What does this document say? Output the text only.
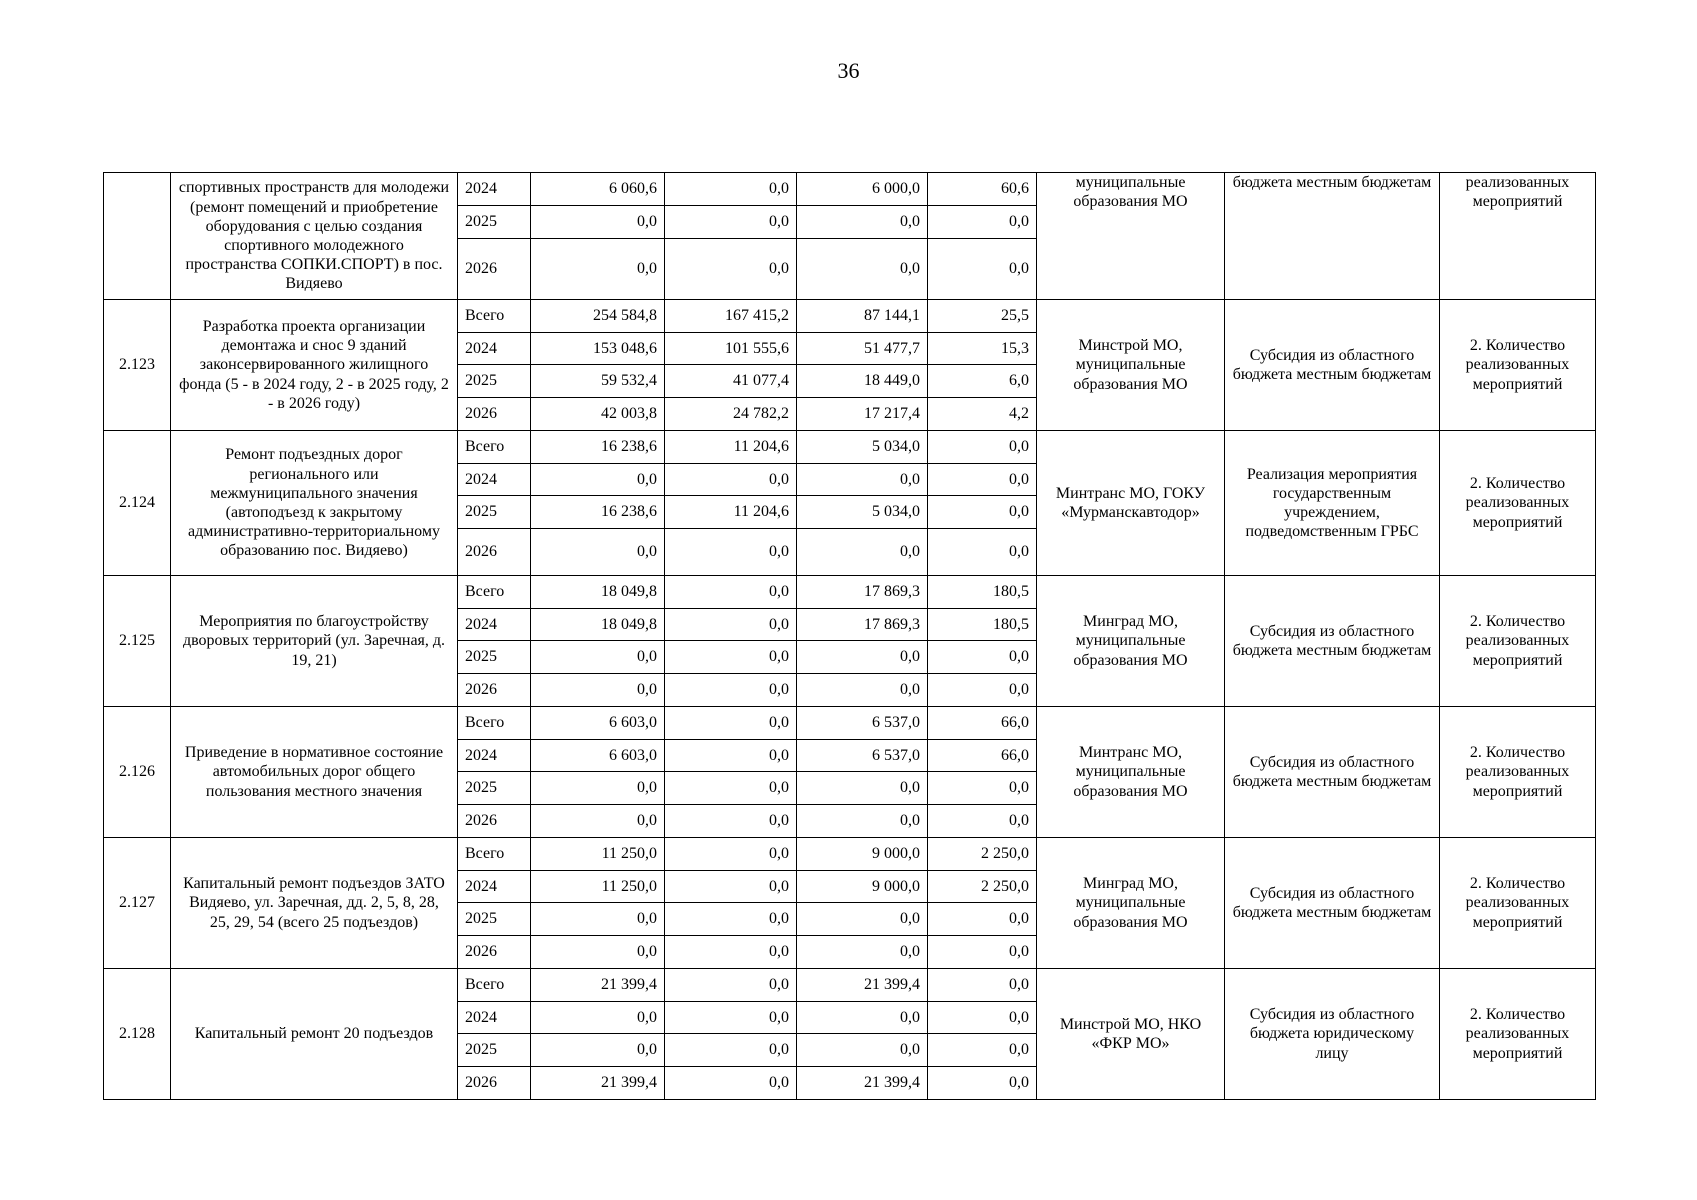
36
	спортивных пространств для молодежи (ремонт помещений и приобретение оборудования с целью создания спортивного молодежного пространства СОПКИ.СПОРТ) в пос. Видяево	2024	6 060,6	0,0	6 000,0	60,6	муниципальные образования МО	бюджета местным бюджетам	реализованных мероприятий
		2025	0,0	0,0	0,0	0,0			
		2026	0,0	0,0	0,0	0,0			
2.123	Разработка проекта организации демонтажа и снос 9 зданий законсервированного жилищного фонда (5 - в 2024 году, 2 - в 2025 году, 2 - в 2026 году)	Всего	254 584,8	167 415,2	87 144,1	25,5	Минстрой МО, муниципальные образования МО	Субсидия из областного бюджета местным бюджетам	2. Количество реализованных мероприятий
		2024	153 048,6	101 555,6	51 477,7	15,3			
		2025	59 532,4	41 077,4	18 449,0	6,0			
		2026	42 003,8	24 782,2	17 217,4	4,2			
2.124	Ремонт подъездных дорог регионального или межмуниципального значения (автоподъезд к закрытому административно-территориальному образованию пос. Видяево)	Всего	16 238,6	11 204,6	5 034,0	0,0	Минтранс МО, ГОКУ «Мурманскавтодор»	Реализация мероприятия государственным учреждением, подведомственным ГРБС	2. Количество реализованных мероприятий
		2024	0,0	0,0	0,0	0,0			
		2025	16 238,6	11 204,6	5 034,0	0,0			
		2026	0,0	0,0	0,0	0,0			
2.125	Мероприятия по благоустройству дворовых территорий (ул. Заречная, д. 19, 21)	Всего	18 049,8	0,0	17 869,3	180,5	Минград МО, муниципальные образования МО	Субсидия из областного бюджета местным бюджетам	2. Количество реализованных мероприятий
		2024	18 049,8	0,0	17 869,3	180,5			
		2025	0,0	0,0	0,0	0,0			
		2026	0,0	0,0	0,0	0,0			
2.126	Приведение в нормативное состояние автомобильных дорог общего пользования местного значения	Всего	6 603,0	0,0	6 537,0	66,0	Минтранс МО, муниципальные образования МО	Субсидия из областного бюджета местным бюджетам	2. Количество реализованных мероприятий
		2024	6 603,0	0,0	6 537,0	66,0			
		2025	0,0	0,0	0,0	0,0			
		2026	0,0	0,0	0,0	0,0			
2.127	Капитальный ремонт подъездов ЗАТО Видяево, ул. Заречная, дд. 2, 5, 8, 28, 25, 29, 54 (всего 25 подъездов)	Всего	11 250,0	0,0	9 000,0	2 250,0	Минград МО, муниципальные образования МО	Субсидия из областного бюджета местным бюджетам	2. Количество реализованных мероприятий
		2024	11 250,0	0,0	9 000,0	2 250,0			
		2025	0,0	0,0	0,0	0,0			
		2026	0,0	0,0	0,0	0,0			
2.128	Капитальный ремонт 20 подъездов	Всего	21 399,4	0,0	21 399,4	0,0	Минстрой МО, НКО «ФКР МО»	Субсидия из областного бюджета юридическому лицу	2. Количество реализованных мероприятий
		2024	0,0	0,0	0,0	0,0			
		2025	0,0	0,0	0,0	0,0			
		2026	21 399,4	0,0	21 399,4	0,0			
